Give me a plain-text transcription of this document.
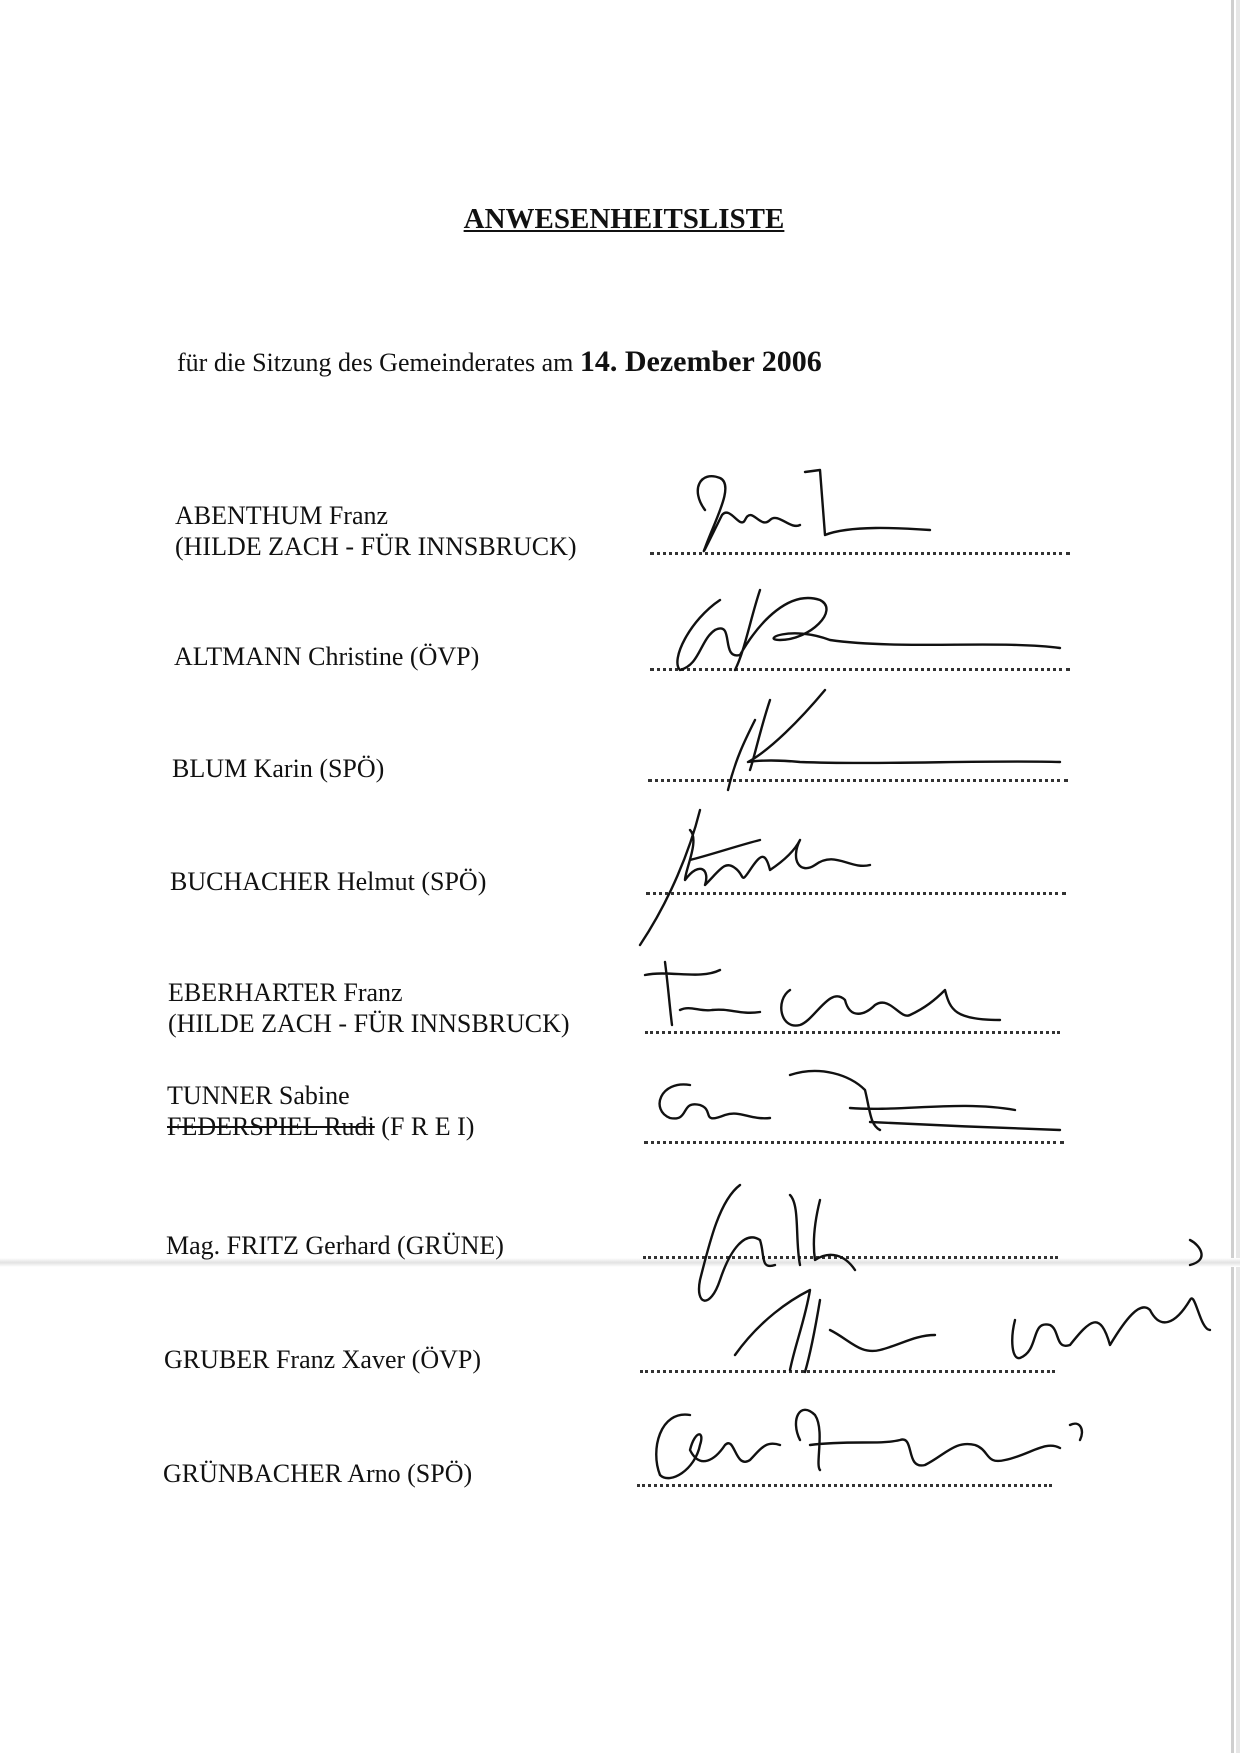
ANWESENHEITSLISTE
für die Sitzung des Gemeinderates am 14. Dezember 2006
ABENTHUM Franz
(HILDE ZACH - FÜR INNSBRUCK)
ALTMANN Christine (ÖVP)
BLUM Karin (SPÖ)
BUCHACHER Helmut (SPÖ)
EBERHARTER Franz
(HILDE ZACH - FÜR INNSBRUCK)
TUNNER Sabine
FEDERSPIEL Rudi (F R E I)
Mag. FRITZ Gerhard (GRÜNE)
GRUBER Franz Xaver (ÖVP)
GRÜNBACHER Arno (SPÖ)
